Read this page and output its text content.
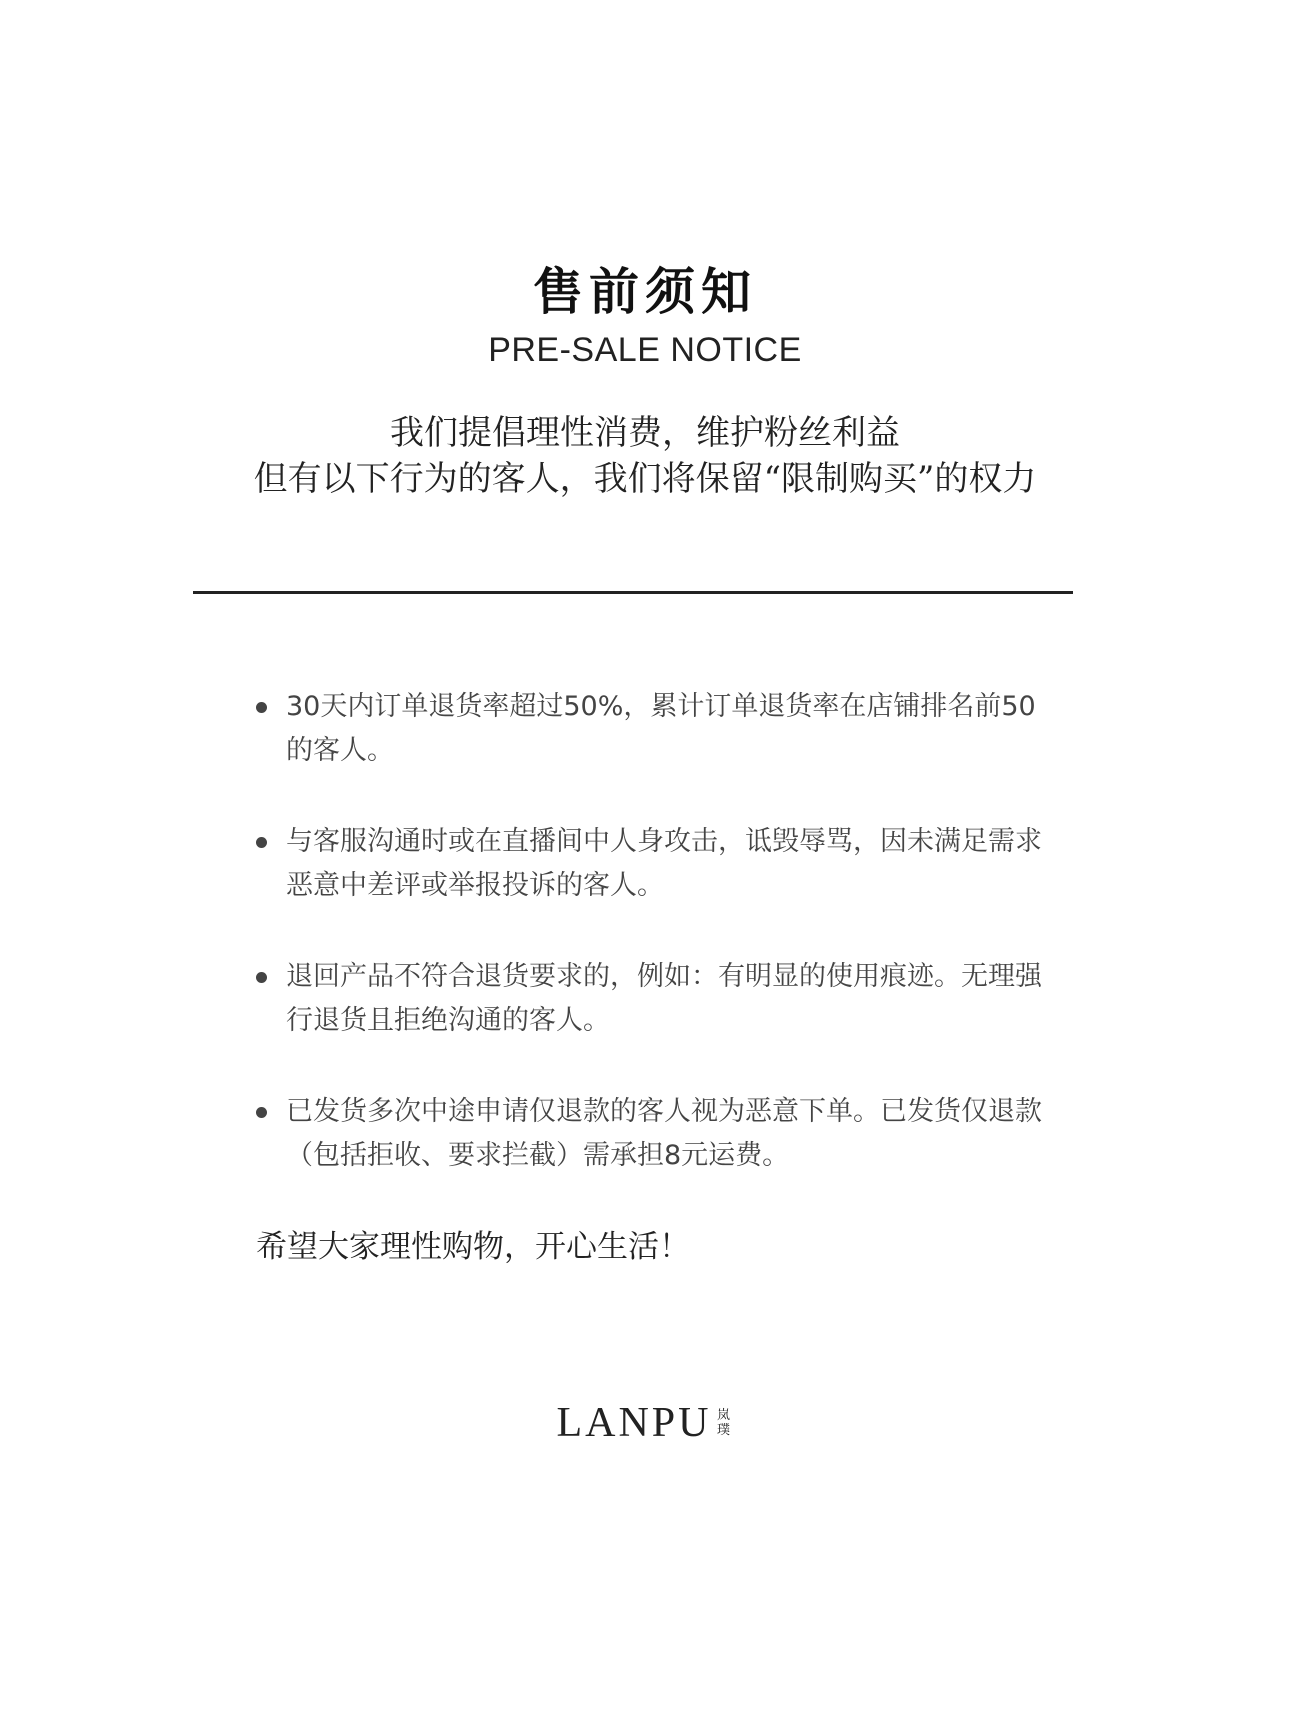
售前须知
PRE-SALE NOTICE
我们提倡理性消费，维护粉丝利益
但有以下行为的客人，我们将保留“限制购买”的权力
30天内订单退货率超过50%，累计订单退货率在店铺排名前50的客人。
与客服沟通时或在直播间中人身攻击，诋毁辱骂，因未满足需求恶意中差评或举报投诉的客人。
退回产品不符合退货要求的，例如：有明显的使用痕迹。无理强行退货且拒绝沟通的客人。
已发货多次中途申请仅退款的客人视为恶意下单。已发货仅退款（包括拒收、要求拦截）需承担8元运费。
希望大家理性购物，开心生活！
LANPU 岚
璞
